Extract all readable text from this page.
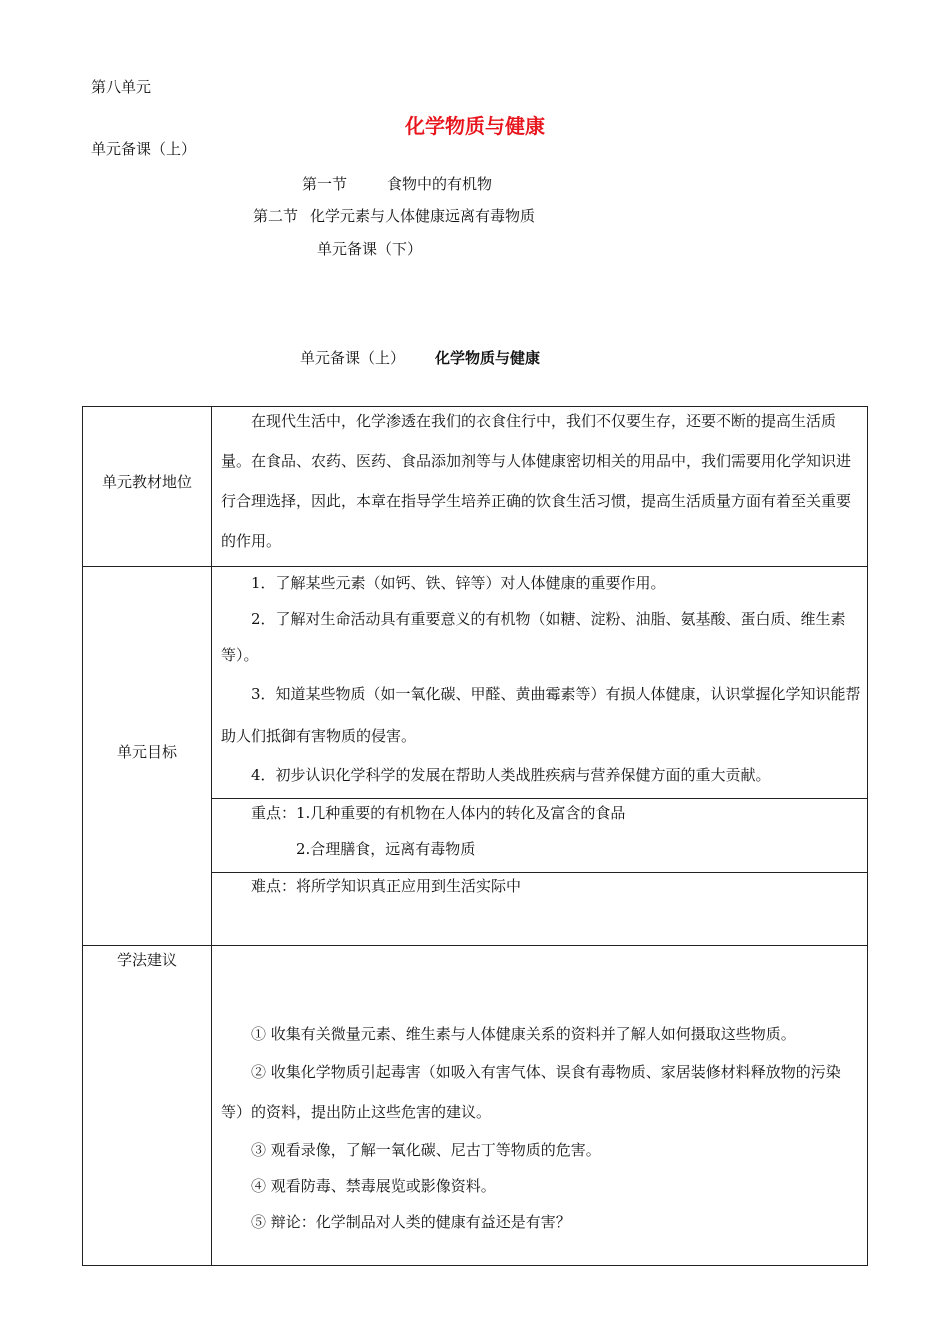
第八单元
化学物质与健康
单元备课（上）
第一节	食物中的有机物
第二节 化学元素与人体健康远离有毒物质
单元备课（下）
单元备课（上） 化学物质与健康
单元教材地位

在现代生活中，化学渗透在我们的衣食住行中，我们不仅要生存，还要不断的提高生活质量。在食品、农药、医药、食品添加剂等与人体健康密切相关的用品中，我们需要用化学知识进行合理选择，因此，本章在指导学生培养正确的饮食生活习惯，提高生活质量方面有着至关重要的作用。

单元目标

1．了解某些元素（如钙、铁、锌等）对人体健康的重要作用。

2．了解对生命活动具有重要意义的有机物（如糖、淀粉、油脂、氨基酸、蛋白质、维生素等）。

3．知道某些物质（如一氧化碳、甲醛、黄曲霉素等）有损人体健康，认识掌握化学知识能帮助人们抵御有害物质的侵害。

4．初步认识化学科学的发展在帮助人类战胜疾病与营养保健方面的重大贡献。

重点：1.几种重要的有机物在人体内的转化及富含的食品

2.合理膳食，远离有毒物质

难点：将所学知识真正应用到生活实际中

学法建议

① 收集有关微量元素、维生素与人体健康关系的资料并了解人如何摄取这些物质。

② 收集化学物质引起毒害（如吸入有害气体、误食有毒物质、家居装修材料释放物的污染等）的资料，提出防止这些危害的建议。

③ 观看录像，了解一氧化碳、尼古丁等物质的危害。

④ 观看防毒、禁毒展览或影像资料。

⑤ 辩论：化学制品对人类的健康有益还是有害？
